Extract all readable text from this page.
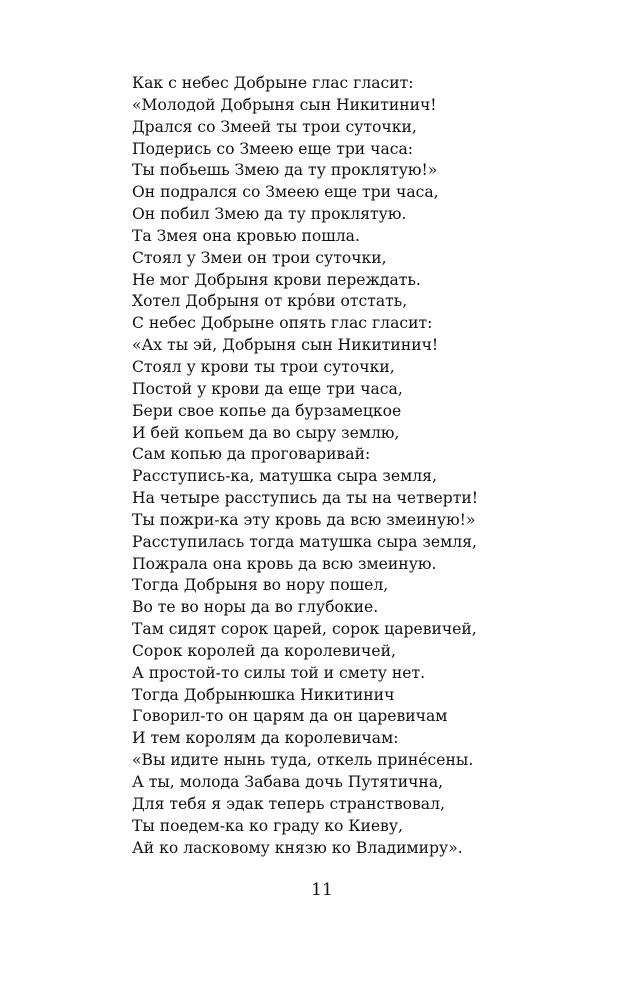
Как с небес Добрыне глас гласит:
«Молодой Добрыня сын Никитинич!
Дрался со Змеей ты трои суточки,
Подерись со Змеею еще три часа:
Ты побьешь Змею да ту проклятую!»
Он подрался со Змеею еще три часа,
Он побил Змею да ту проклятую.
Та Змея она кровью пошла.
Стоял у Змеи он трои суточки,
Не мог Добрыня крови переждать.
Хотел Добрыня от кро́ви отстать,
С небес Добрыне опять глас гласит:
«Ах ты эй, Добрыня сын Никитинич!
Стоял у крови ты трои суточки,
Постой у крови да еще три часа,
Бери свое копье да бурзамецкое
И бей копьем да во сыру землю,
Сам копью да проговаривай:
Расступись-ка, матушка сыра земля,
На четыре расступись да ты на четверти!
Ты пожри-ка эту кровь да всю змеиную!»
Расступилась тогда матушка сыра земля,
Пожрала она кровь да всю змеиную.
Тогда Добрыня во нору пошел,
Во те во норы да во глубокие.
Там сидят сорок царей, сорок царевичей,
Сорок королей да королевичей,
А простой-то силы той и смету нет.
Тогда Добрынюшка Никитинич
Говорил-то он царям да он царевичам
И тем королям да королевичам:
«Вы идите нынь туда, откель прине́сены.
А ты, молода Забава дочь Путятична,
Для тебя я эдак теперь странствовал,
Ты поедем-ка ко граду ко Киеву,
Ай ко ласковому князю ко Владимиру».
11
